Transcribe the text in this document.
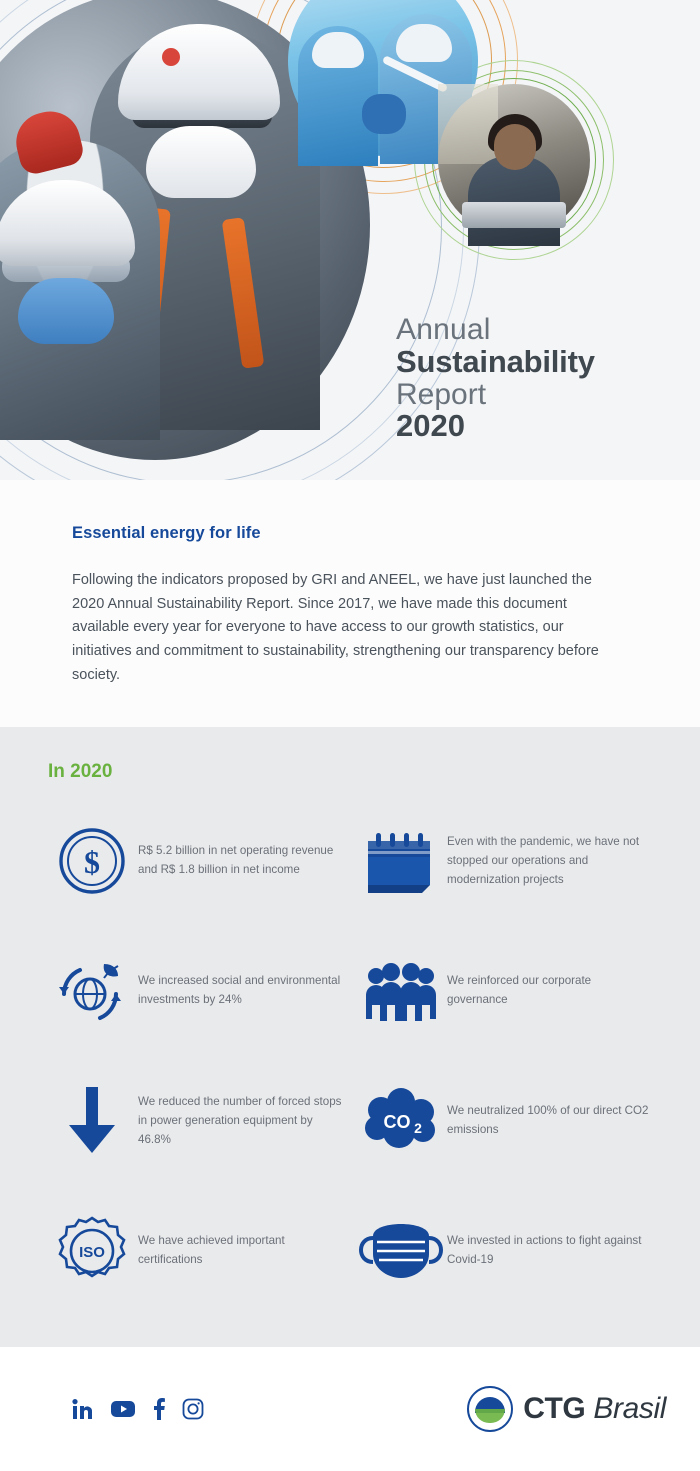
Annual
Sustainability
Report
2020
Essential energy for life

Following the indicators proposed by GRI and ANEEL, we have just launched the 2020 Annual Sustainability Report. Since 2017, we have made this document available every year for everyone to have access to our growth statistics, our initiatives and commitment to sustainability, strengthening our transparency before society.

In 2020
$	R$ 5.2 billion in net operating revenue and R$ 1.8 billion in net income
Even with the pandemic, we have not stopped our operations and modernization projects
We increased social and environmental investments by 24%
We reinforced our corporate governance
We reduced the number of forced stops in power generation equipment by 46.8%
CO 2
We neutralized 100% of our direct CO2 emissions
ISO
We have achieved important certifications
We invested in actions to fight against Covid-19
CTG Brasil
